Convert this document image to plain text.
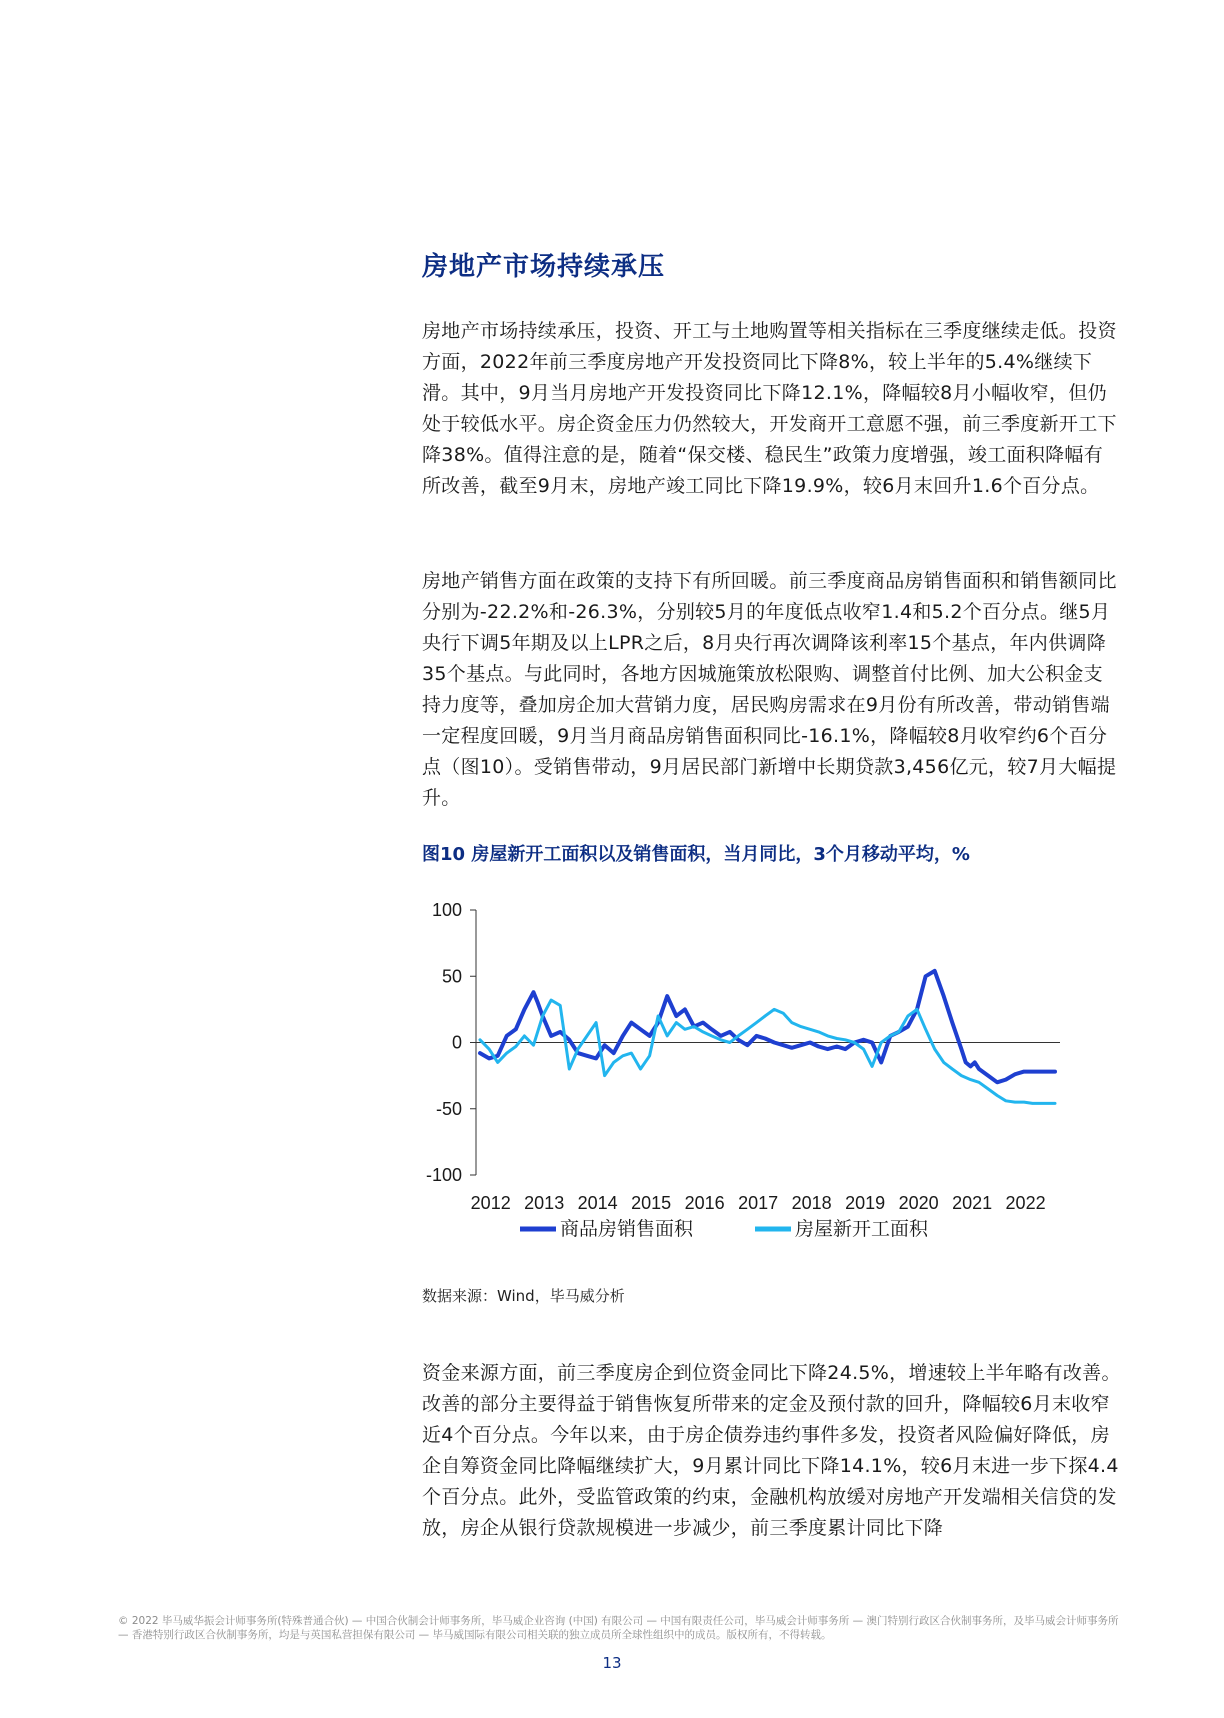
房地产市场持续承压

房地产市场持续承压，投资、开工与土地购置等相关指标在三季度继续走低。投资方面，2022年前三季度房地产开发投资同比下降8%，较上半年的5.4%继续下滑。其中，9月当月房地产开发投资同比下降12.1%，降幅较8月小幅收窄，但仍处于较低水平。房企资金压力仍然较大，开发商开工意愿不强，前三季度新开工下降38%。值得注意的是，随着“保交楼、稳民生”政策力度增强，竣工面积降幅有所改善，截至9月末，房地产竣工同比下降19.9%，较6月末回升1.6个百分点。

房地产销售方面在政策的支持下有所回暖。前三季度商品房销售面积和销售额同比分别为-22.2%和-26.3%，分别较5月的年度低点收窄1.4和5.2个百分点。继5月央行下调5年期及以上LPR之后，8月央行再次调降该利率15个基点，年内供调降35个基点。与此同时，各地方因城施策放松限购、调整首付比例、加大公积金支持力度等，叠加房企加大营销力度，居民购房需求在9月份有所改善，带动销售端一定程度回暖，9月当月商品房销售面积同比-16.1%，降幅较8月收窄约6个百分点（图10）。受销售带动，9月居民部门新增中长期贷款3,456亿元，较7月大幅提升。

图10 房屋新开工面积以及销售面积，当月同比，3个月移动平均，%

100
50
0
-50
-100
2012 2013 2014 2015 2016 2017 2018 2019 2020 2021 2022
商品房销售面积	房屋新开工面积

数据来源：Wind，毕马威分析

资金来源方面，前三季度房企到位资金同比下降24.5%，增速较上半年略有改善。改善的部分主要得益于销售恢复所带来的定金及预付款的回升，降幅较6月末收窄近4个百分点。今年以来，由于房企债券违约事件多发，投资者风险偏好降低，房企自筹资金同比降幅继续扩大，9月累计同比下降14.1%，较6月末进一步下探4.4个百分点。此外，受监管政策的约束，金融机构放缓对房地产开发端相关信贷的发放，房企从银行贷款规模进一步减少，前三季度累计同比下降

© 2022 毕马威华振会计师事务所(特殊普通合伙) — 中国合伙制会计师事务所，毕马威企业咨询 (中国) 有限公司 — 中国有限责任公司，毕马威会计师事务所 — 澳门特别行政区合伙制事务所，及毕马威会计师事务所 — 香港特别行政区合伙制事务所，均是与英国私营担保有限公司 — 毕马威国际有限公司相关联的独立成员所全球性组织中的成员。版权所有，不得转载。

13
